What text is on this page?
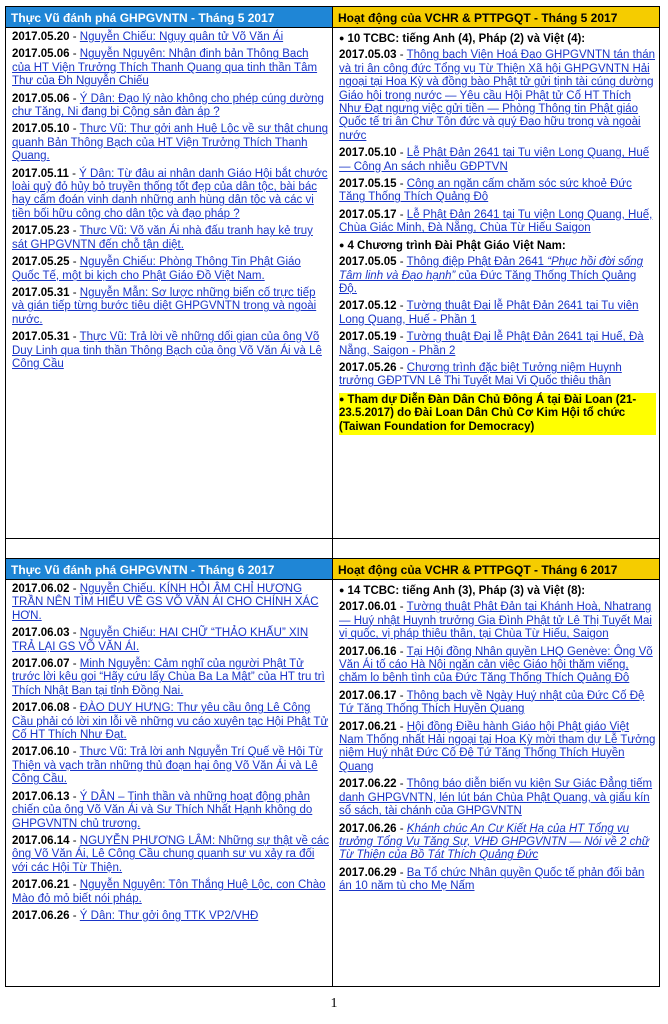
Thực Vũ đánh phá GHPGVNTN - Tháng 5 2017	Hoạt động của VCHR & PTTPGQT - Tháng 5 2017
2017.05.20 - Nguyễn Chiếu: Ngụy quân tử Võ Văn Ái
2017.05.06 - Nguyễn Nguyên: Nhận định bản Thông Bạch của HT Viện Trưởng Thích Thanh Quang qua tinh thần Tâm Thư của Đh Nguyễn Chiếu
2017.05.06 - Ý Dân: Đạo lý nào không cho phép cúng dường chư Tăng, Ni đang bị Cộng sản đàn áp ?
2017.05.10 - Thực Vũ: Thư gởi anh Huệ Lộc về sự thật chung quanh Bản Thông Bạch của HT Viện Trưởng Thích Thanh Quang.
2017.05.11 - Ý Dân: Từ đâu ai nhân danh Giáo Hội bắt chước loài quỷ đỏ hủy bỏ truyền thống tốt đẹp của dân tộc, bài bác hay cấm đoán vinh danh những anh hùng dân tộc và các vị tiền bối hữu công cho dân tộc và đạo pháp ?
2017.05.23 - Thực Vũ: Võ văn Ái nhà đấu tranh hay kẻ truy sát GHPGVNTN đến chỗ tận diệt.
2017.05.25 - Nguyễn Chiếu: Phòng Thông Tin Phật Giáo Quốc Tế, một bi kịch cho Phật Giáo Đồ Việt Nam.
2017.05.31 - Nguyễn Mẫn: Sơ lược những biến cố trực tiếp và gián tiếp từng bước tiêu diệt GHPGVNTN trong và ngoài nước.
2017.05.31 - Thực Vũ: Trả lời về những dối gian của ông Võ Duy Linh qua tinh thần Thông Bạch của ông Võ Văn Ái và Lê Công Cầu
● 10 TCBC: tiếng Anh (4), Pháp (2) và Việt (4):
2017.05.03 - Thông bạch Viện Hoá Đạo GHPGVNTN tán thán và tri ân công đức Tổng vụ Từ Thiện Xã hội GHPGVNTN Hải ngoại tại Hoa Kỳ và đồng bào Phật tử gửi tịnh tài cúng dường Giáo hội trong nước — Yêu cầu Hội Phật tử Cố HT Thích Như Đạt ngưng việc gửi tiền — Phòng Thông tin Phật giáo Quốc tế tri ân Chư Tôn đức và quý Đạo hữu trong và ngoài nước
2017.05.10 - Lễ Phật Đản 2641 tại Tu viện Long Quang, Huế — Công An sách nhiễu GĐPTVN
2017.05.15 - Công an ngăn cấm chăm sóc sức khoẻ Đức Tăng Thống Thích Quảng Độ
2017.05.17 - Lễ Phật Đản 2641 tại Tu viện Long Quang, Huế, Chùa Giác Minh, Đà Nẵng, Chùa Từ Hiếu Saigon
● 4 Chương trình Đài Phật Giáo Việt Nam:
2017.05.05 - Thông điệp Phật Đản 2641 “Phục hồi đời sống Tâm linh và Đạo hạnh” của Đức Tăng Thống Thích Quảng Độ.
2017.05.12 - Tường thuật Đại lễ Phật Đản 2641 tại Tu viện Long Quang, Huế - Phần 1
2017.05.19 - Tường thuật Đại lễ Phật Đản 2641 tại Huế, Đà Nẵng, Saigon - Phần 2
2017.05.26 - Chương trình đặc biệt Tưởng niệm Huynh trưởng GĐPTVN Lê Thị Tuyết Mai Vị Quốc thiêu thân
● Tham dự Diễn Đàn Dân Chủ Đông Á tại Đài Loan (21-23.5.2017) do Đài Loan Dân Chủ Cơ Kim Hội tổ chức (Taiwan Foundation for Democracy)
Thực Vũ đánh phá GHPGVNTN - Tháng 6 2017	Hoạt động của VCHR & PTTPGQT - Tháng 6 2017
2017.06.02 - Nguyễn Chiếu. KÍNH HỎI ÂM CHỈ HƯƠNG TRẦN NÊN TÌM HIỂU VỀ GS VÕ VĂN ÁI CHO CHÍNH XÁC HƠN.
2017.06.03 - Nguyễn Chiếu: HAI CHỮ “THẢO KHẤU” XIN TRẢ LẠI GS VÕ VĂN ÁI.
2017.06.07 - Minh Nguyễn: Cảm nghĩ của người Phật Tử trước lời kêu gọi “Hãy cứu lấy Chùa Ba La Mật” của HT trụ trì Thích Nhật Ban tại tỉnh Đồng Nai.
2017.06.08 - ĐÀO DUY HƯNG: Thư yêu cầu ông Lê Công Cầu phải có lời xin lỗi về những vu cáo xuyên tạc Hội Phật Tử Cố HT Thích Như Đạt.
2017.06.10 - Thực Vũ: Trả lời anh Nguyễn Trí Quế về Hội Từ Thiện và vạch trần những thủ đoạn hại ông Võ Văn Ái và Lê Công Cầu.
2017.06.13 - Ý DÂN – Tinh thần và những hoạt động phản chiến của ông Võ Văn Ái và Sư Thích Nhất Hạnh không do GHPGVNTN chủ trương.
2017.06.14 - NGUYỄN PHƯƠNG LÂM: Những sự thật về các ông Võ Văn Ái, Lê Công Cầu chung quanh sự vụ xảy ra đối với các Hội Từ Thiện.
2017.06.21 - Nguyễn Nguyên: Tôn Thắng Huệ Lộc, con Chào Mào đỏ mỏ biết nói pháp.
2017.06.26 - Ý Dân: Thư gởi ông TTK VP2/VHĐ
● 14 TCBC: tiếng Anh (3), Pháp (3) và Việt (8):
2017.06.01 - Tường thuật Phật Đản tại Khánh Hoà, Nhatrang — Huý nhật Huynh trưởng Gia Đình Phật tử Lê Thị Tuyết Mai vị quốc, vị pháp thiêu thân, tại Chùa Từ Hiếu, Saigon
2017.06.16 - Tại Hội đồng Nhân quyền LHQ Genève: Ông Võ Văn Ái tố cáo Hà Nội ngăn cản việc Giáo hội thăm viếng, chăm lo bệnh tình của Đức Tăng Thống Thích Quảng Độ
2017.06.17 - Thông bạch về Ngày Huý nhật của Đức Cố Đệ Tứ Tăng Thống Thích Huyền Quang
2017.06.21 - Hội đồng Điều hành Giáo hội Phật giáo Việt Nam Thống nhất Hải ngoại tại Hoa Kỳ mời tham dự Lễ Tưởng niệm Huý nhật Đức Cố Đệ Tứ Tăng Thống Thích Huyền Quang
2017.06.22 - Thông báo diễn biến vụ kiện Sư Giác Đẳng tiếm danh GHPGVNTN, lén lút bán Chùa Phật Quang, và giấu kín sổ sách, tài chánh của GHPGVNTN
2017.06.26 - Khánh chúc An Cư Kiết Hạ của HT Tổng vụ trưởng Tổng Vụ Tăng Sự, VHĐ GHPGVNTN — Nói về 2 chữ Từ Thiện của Bồ Tát Thích Quảng Đức
2017.06.29 - Ba Tổ chức Nhân quyền Quốc tế phản đối bản án 10 năm tù cho Mẹ Nấm
1
